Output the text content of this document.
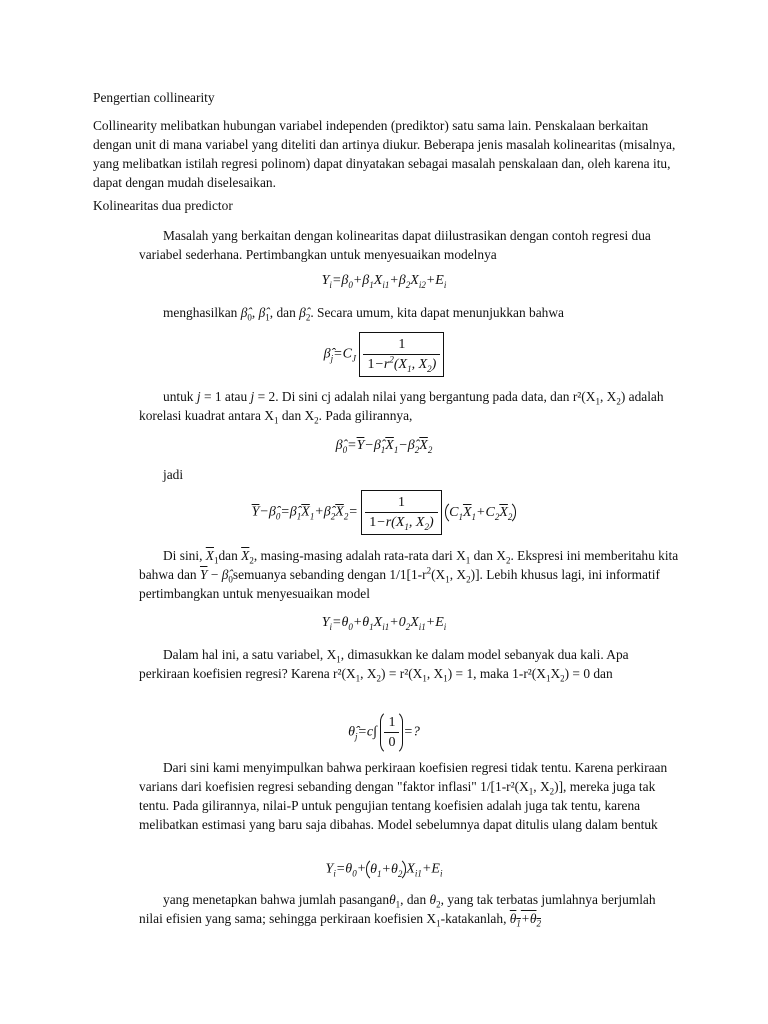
Pengertian collinearity
Collinearity melibatkan hubungan variabel independen (prediktor) satu sama lain. Penskalaan berkaitan dengan unit di mana variabel yang diteliti dan artinya diukur. Beberapa jenis masalah kolinearitas (misalnya, yang melibatkan istilah regresi polinom) dapat dinyatakan sebagai masalah penskalaan dan, oleh karena itu, dapat dengan mudah diselesaikan.
Kolinearitas dua predictor
Masalah yang berkaitan dengan kolinearitas dapat diilustrasikan dengan contoh regresi dua variabel sederhana. Pertimbangkan untuk menyesuaikan modelnya
$Y_i=\beta_0+\beta_1X_{i1}+\beta_2X_{i2}+E_i$
menghasilkan $\betâ_0$, $\betâ_1$, dan $\betâ_2$. Secara umum, kita dapat menunjukkan bahwa
$\betâ_j=C_J \frac{1}{1-r^2(X_1, X_2)}$
untuk j = 1 atau j = 2. Di sini cj adalah nilai yang bergantung pada data, dan $r^2(X_1$, $X_2$) adalah korelasi kuadrat antara $X_1$ dan $X_2$. Pada gilirannya,
$\betâ_0=\overline{Y}-\betâ_1\overline{X}_1-\betâ_2\overline{X}_2$
jadi
$\overline{Y}-\betâ_0=\betâ_1\overline{X}_1+\betâ_2\overline{X}_2= \frac{1}{1-r(X_1, X_2)} C_1\overline{X}_1+C_2\overline{X}_2$
Di sini, $\overline{X}_1dan$ $\overline{X}_2$, masing-masing adalah rata-rata dari $X_1$ dan $X_2$. Ekspresi ini memberitahu kita bahwa dan $\overline{Y}$ − $\betâ_0semuanya$ sebanding dengan $1/1[1-r^2(X_1$, $X_2$)]. Lebih khusus lagi, ini informatif pertimbangkan untuk menyesuaikan model
$Y_i=\theta_0+\theta_1X_{i1}+0_2X_{i1}+E_i$
Dalam hal ini, a satu variabel, $X_1$, dimasukkan ke dalam model sebanyak dua kali. Apa perkiraan koefisien regresi? Karena $r^2(X_1$, $X_2) = r^2(X_1$, $X_1) = 1$, maka $1-r^2(X_1X_2) = 0$ dan
$\thetâ_j=c\int \frac{1}{0}$ =?
Dari sini kami menyimpulkan bahwa perkiraan koefisien regresi tidak tentu. Karena perkiraan varians dari koefisien regresi sebanding dengan "faktor inflasi" $1/[1-r^2(X_1$, $X_2$)], mereka juga tak tentu. Pada gilirannya, nilai-P untuk pengujian tentang koefisien adalah juga tak tentu, karena melibatkan estimasi yang baru saja dibahas. Model sebelumnya dapat ditulis ulang dalam bentuk
$Y_i=\theta_0+ \theta_1+\theta_2$ $X_{i1}+E_i$
yang menetapkan bahwa jumlah pasanganθ$_1$, dan $\theta_2$, yang tak terbatas jumlahnya berjumlah nilai efisien yang sama; sehingga perkiraan koefisien $X_1$-katakanlah, $\theta_1+\theta_2$
